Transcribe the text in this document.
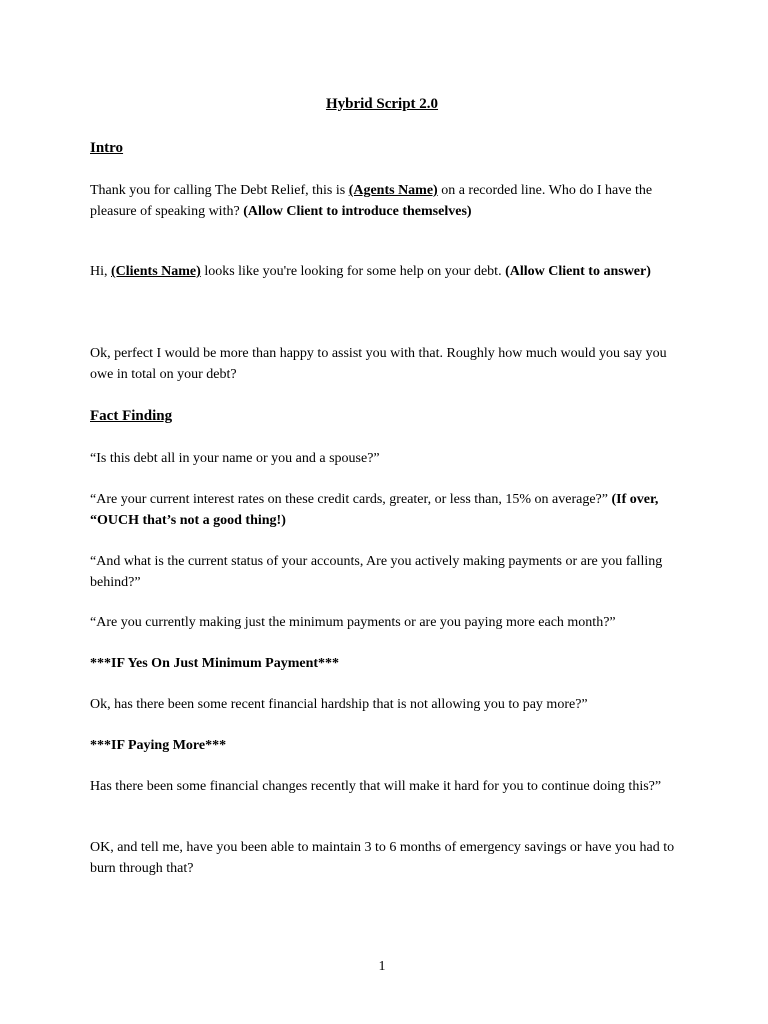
Hybrid Script 2.0
Intro
Thank you for calling The Debt Relief, this is (Agents Name) on a recorded line. Who do I have the pleasure of speaking with? (Allow Client to introduce themselves)
Hi, (Clients Name) looks like you're looking for some help on your debt. (Allow Client to answer)
Ok, perfect I would be more than happy to assist you with that. Roughly how much would you say you owe in total on your debt?
Fact Finding
“Is this debt all in your name or you and a spouse?”
“Are your current interest rates on these credit cards, greater, or less than, 15% on average?” (If over, “OUCH that’s not a good thing!)
“And what is the current status of your accounts, Are you actively making payments or are you falling behind?”
“Are you currently making just the minimum payments or are you paying more each month?”
***IF Yes On Just Minimum Payment***
Ok, has there been some recent financial hardship that is not allowing you to pay more?”
***IF Paying More***
Has there been some financial changes recently that will make it hard for you to continue doing this?”
OK, and tell me, have you been able to maintain 3 to 6 months of emergency savings or have you had to burn through that?
1
